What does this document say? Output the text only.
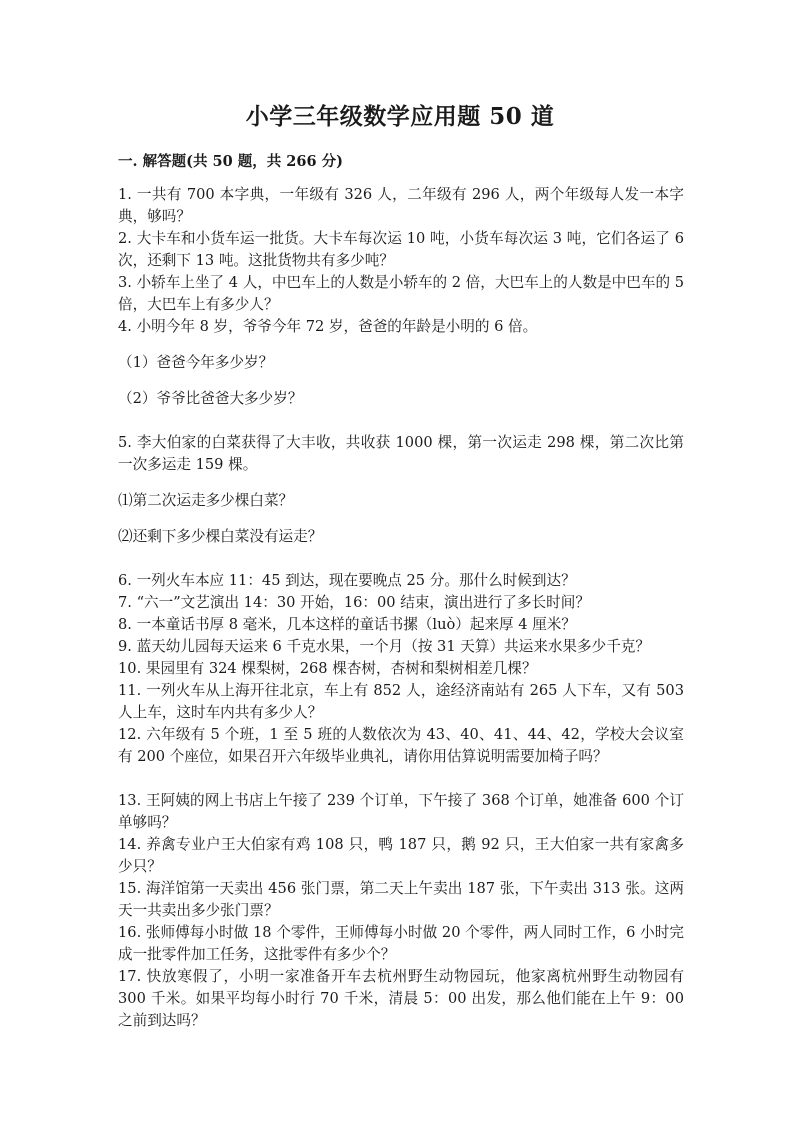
小学三年级数学应用题 50 道
一. 解答题(共 50 题，共 266 分)

1. 一共有 700 本字典，一年级有 326 人，二年级有 296 人，两个年级每人发一本字典，够吗？

2. 大卡车和小货车运一批货。大卡车每次运 10 吨，小货车每次运 3 吨，它们各运了 6 次，还剩下 13 吨。这批货物共有多少吨？

3. 小轿车上坐了 4 人，中巴车上的人数是小轿车的 2 倍，大巴车上的人数是中巴车的 5 倍，大巴车上有多少人？

4. 小明今年 8 岁，爷爷今年 72 岁，爸爸的年龄是小明的 6 倍。

（1）爸爸今年多少岁？

（2）爷爷比爸爸大多少岁？

5. 李大伯家的白菜获得了大丰收，共收获 1000 棵，第一次运走 298 棵，第二次比第一次多运走 159 棵。

⑴第二次运走多少棵白菜？

⑵还剩下多少棵白菜没有运走？

6. 一列火车本应 11：45 到达，现在要晚点 25 分。那什么时候到达？

7. “六一”文艺演出 14：30 开始，16：00 结束，演出进行了多长时间？

8. 一本童话书厚 8 毫米，几本这样的童话书摞（luò）起来厚 4 厘米？

9. 蓝天幼儿园每天运来 6 千克水果，一个月（按 31 天算）共运来水果多少千克？

10. 果园里有 324 棵梨树，268 棵杏树，杏树和梨树相差几棵？

11. 一列火车从上海开往北京，车上有 852 人，途经济南站有 265 人下车，又有 503 人上车，这时车内共有多少人？

12. 六年级有 5 个班，1 至 5 班的人数依次为 43、40、41、44、42，学校大会议室有 200 个座位，如果召开六年级毕业典礼，请你用估算说明需要加椅子吗？

13. 王阿姨的网上书店上午接了 239 个订单，下午接了 368 个订单，她准备 600 个订单够吗？

14. 养禽专业户王大伯家有鸡 108 只，鸭 187 只，鹅 92 只，王大伯家一共有家禽多少只？

15. 海洋馆第一天卖出 456 张门票，第二天上午卖出 187 张，下午卖出 313 张。这两天一共卖出多少张门票？

16. 张师傅每小时做 18 个零件，王师傅每小时做 20 个零件，两人同时工作，6 小时完成一批零件加工任务，这批零件有多少个？

17. 快放寒假了，小明一家准备开车去杭州野生动物园玩，他家离杭州野生动物园有 300 千米。如果平均每小时行 70 千米，清晨 5：00 出发，那么他们能在上午 9：00 之前到达吗？
